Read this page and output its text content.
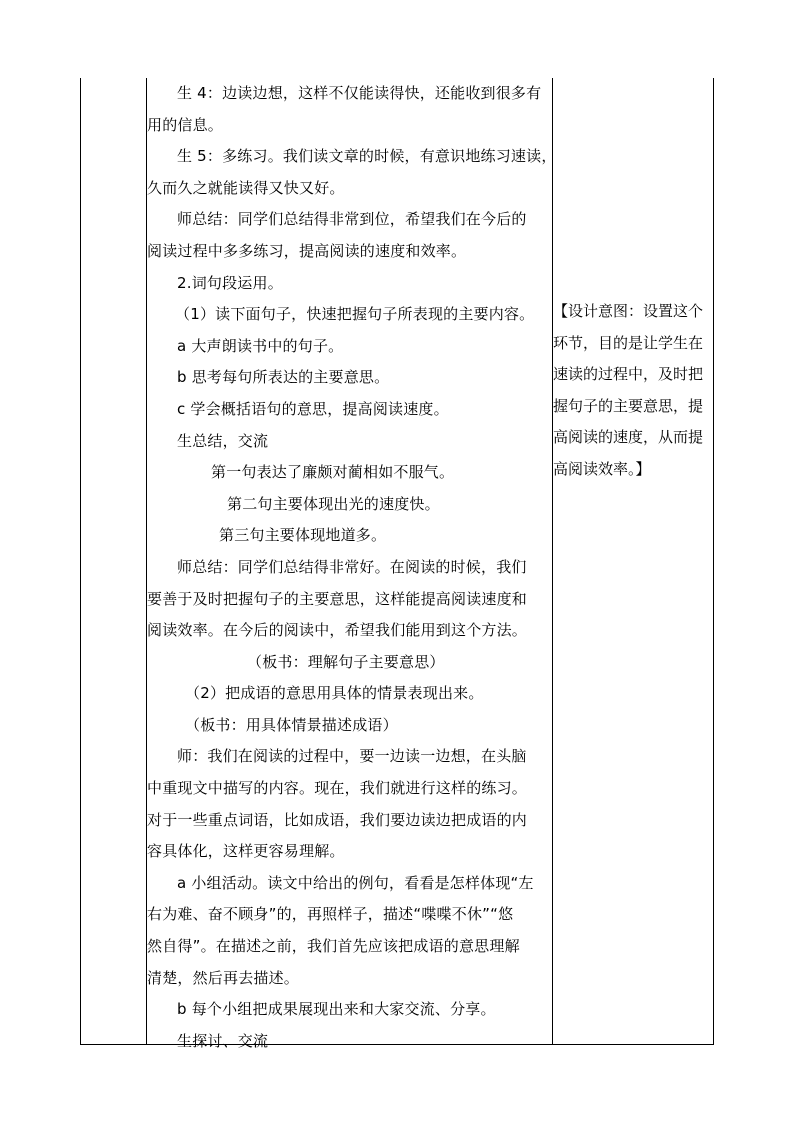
生 4：边读边想，这样不仅能读得快，还能收到很多有

用的信息。

生 5：多练习。我们读文章的时候，有意识地练习速读，

久而久之就能读得又快又好。

师总结：同学们总结得非常到位，希望我们在今后的

阅读过程中多多练习，提高阅读的速度和效率。

2.词句段运用。

（1）读下面句子，快速把握句子所表现的主要内容。

a 大声朗读书中的句子。

b 思考每句所表达的主要意思。

c 学会概括语句的意思，提高阅读速度。

生总结，交流

第一句表达了廉颇对蔺相如不服气。

第二句主要体现出光的速度快。

第三句主要体现地道多。

师总结：同学们总结得非常好。在阅读的时候，我们

要善于及时把握句子的主要意思，这样能提高阅读速度和

阅读效率。在今后的阅读中，希望我们能用到这个方法。

（板书：理解句子主要意思）

（2）把成语的意思用具体的情景表现出来。

（板书：用具体情景描述成语）

师：我们在阅读的过程中，要一边读一边想，在头脑

中重现文中描写的内容。现在，我们就进行这样的练习。

对于一些重点词语，比如成语，我们要边读边把成语的内

容具体化，这样更容易理解。

a 小组活动。读文中给出的例句，看看是怎样体现“左

右为难、奋不顾身”的，再照样子，描述“喋喋不休”“悠

然自得”。在描述之前，我们首先应该把成语的意思理解

清楚，然后再去描述。

b 每个小组把成果展现出来和大家交流、分享。

生探讨、交流

【设计意图：设置这个

环节，目的是让学生在

速读的过程中，及时把

握句子的主要意思，提

高阅读的速度，从而提

高阅读效率。】
